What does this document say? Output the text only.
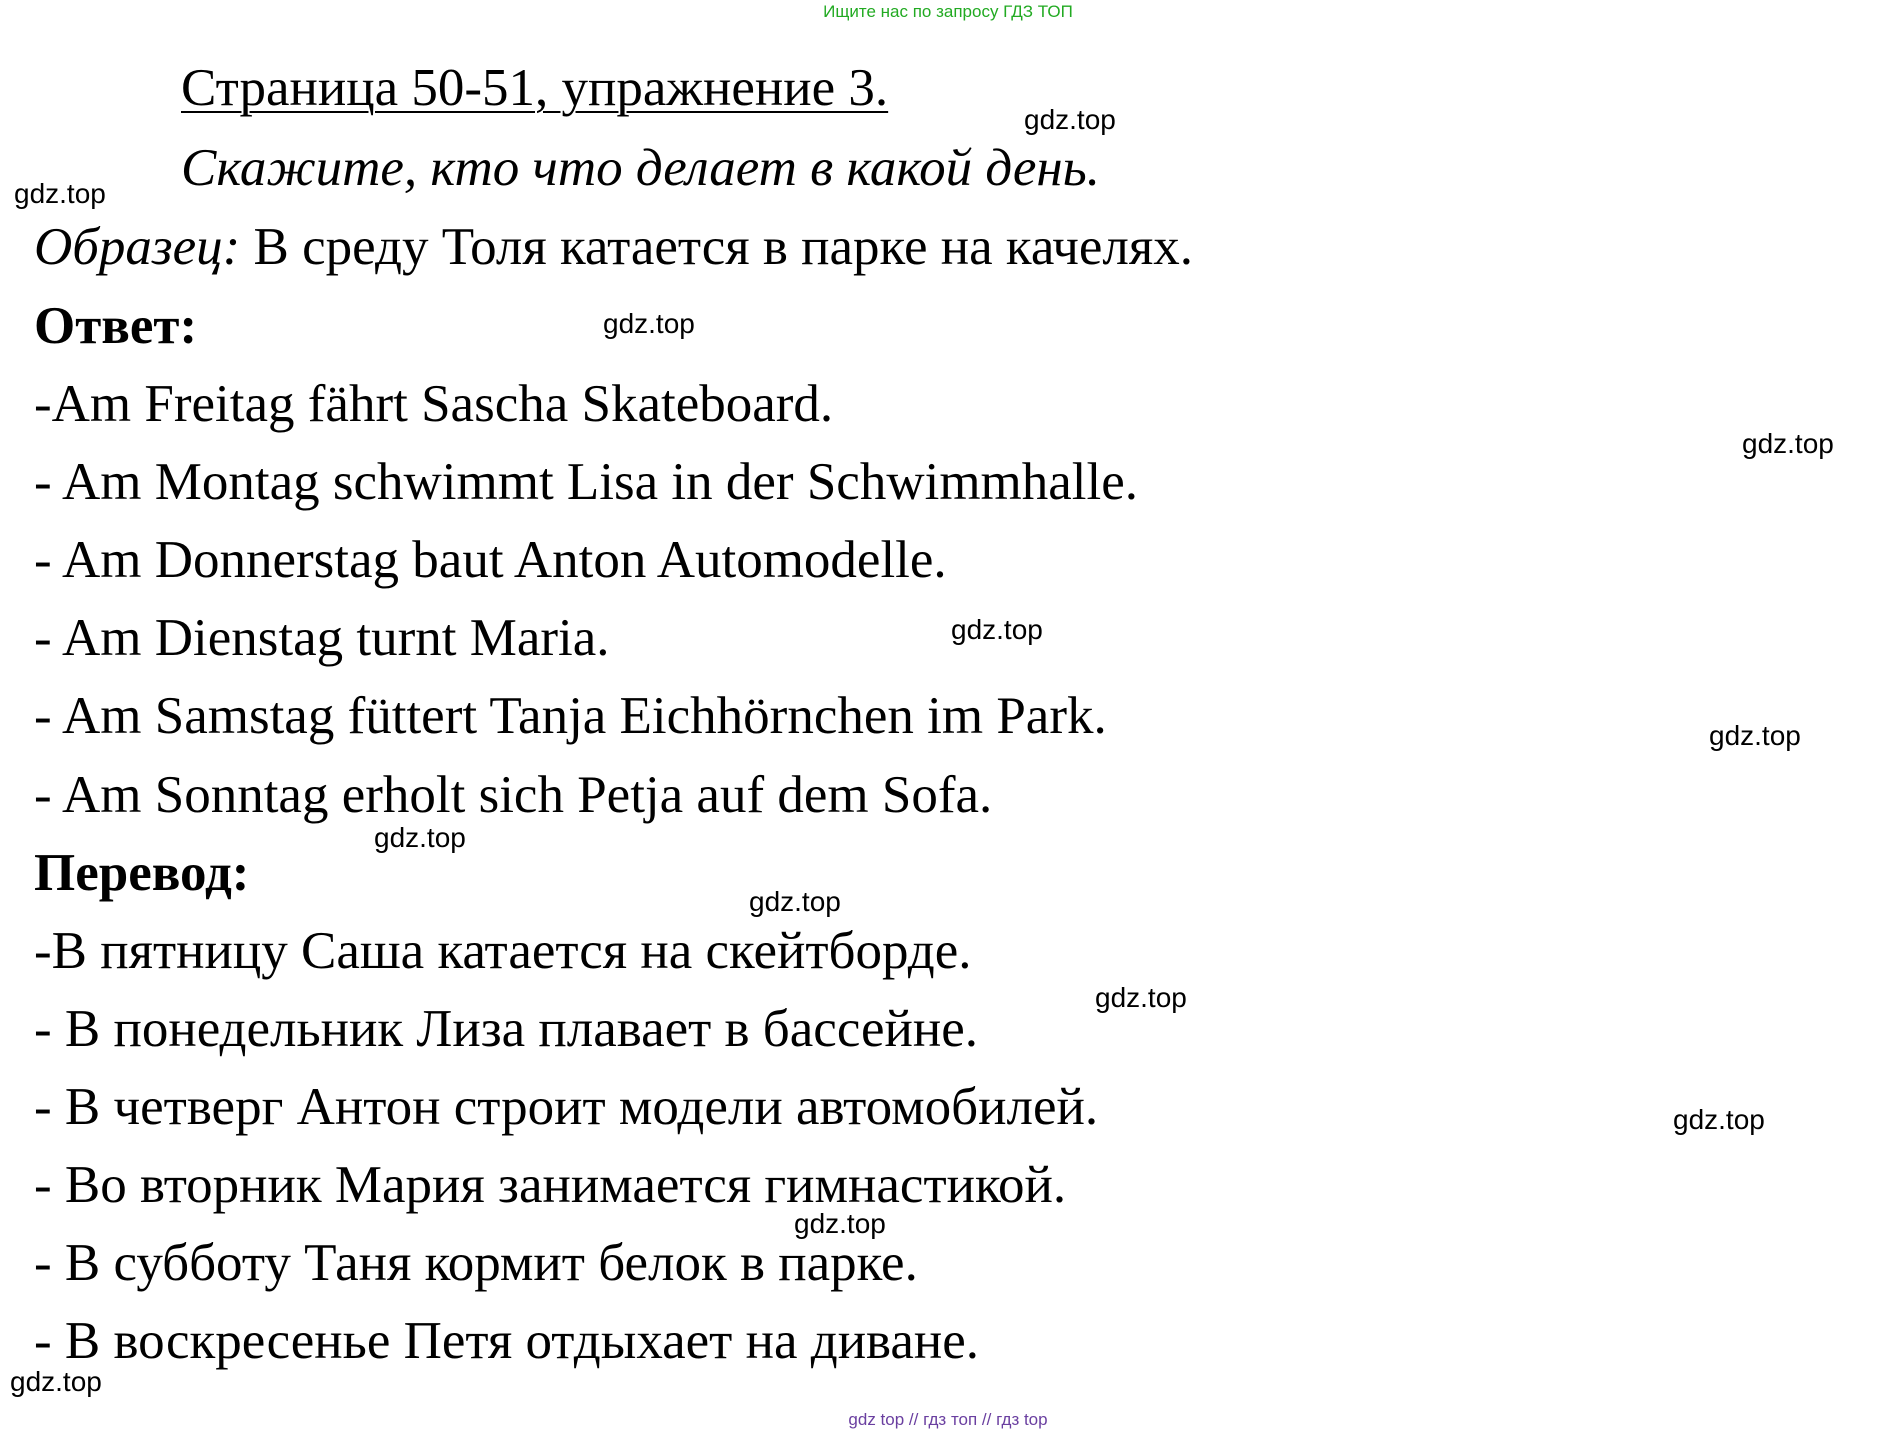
Ищите нас по запросу ГДЗ ТОП
Страница 50-51, упражнение 3.
Скажите, кто что делает в какой день.
Образец: В среду Толя катается в парке на качелях.
Ответ:
-Am Freitag fährt Sascha Skateboard.
- Am Montag schwimmt Lisa in der Schwimmhalle.
- Am Donnerstag baut Anton Automodelle.
- Am Dienstag turnt Maria.
- Am Samstag füttert Tanja Eichhörnchen im Park.
- Am Sonntag erholt sich Petja auf dem Sofa.
Перевод:
-В пятницу Саша катается на скейтборде.
- В понедельник Лиза плавает в бассейне.
- В четверг Антон строит модели автомобилей.
- Во вторник Мария занимается гимнастикой.
- В субботу Таня кормит белок в парке.
- В воскресенье Петя отдыхает на диване.
gdz.top
gdz.top
gdz.top
gdz.top
gdz.top
gdz.top
gdz.top
gdz.top
gdz.top
gdz.top
gdz.top
gdz.top
gdz top // гдз топ // гдз top
